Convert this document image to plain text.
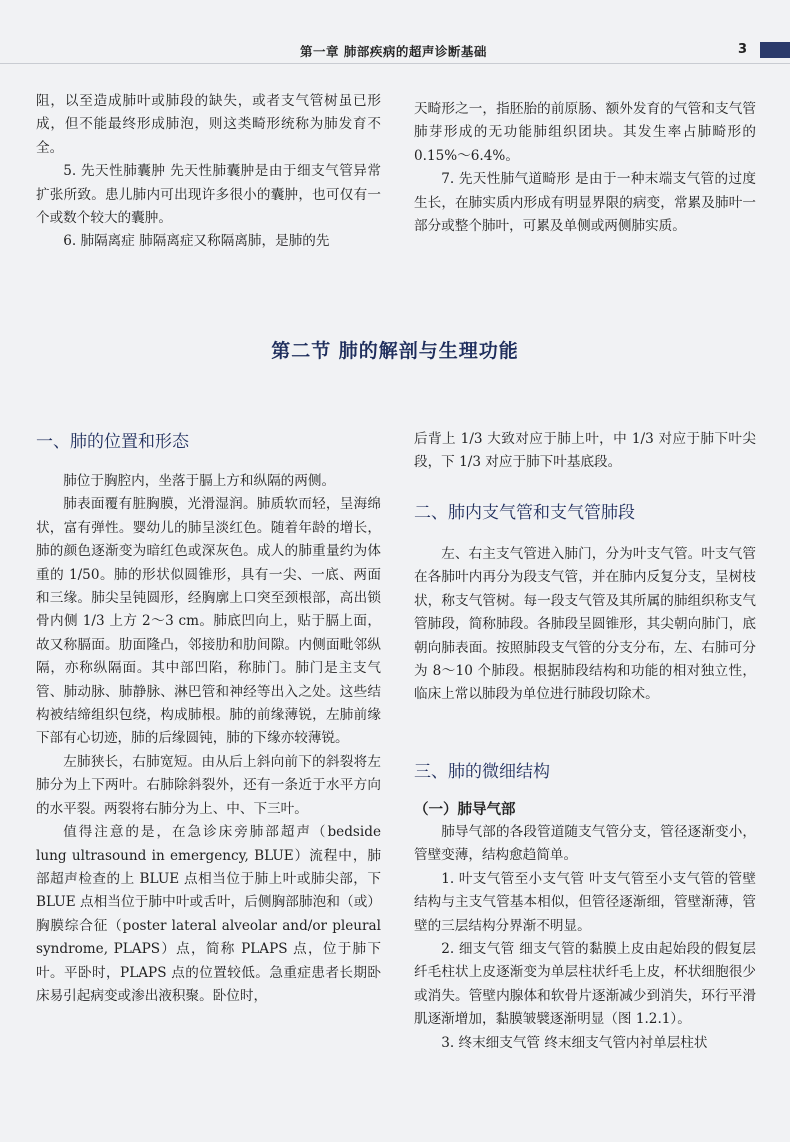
第一章 肺部疾病的超声诊断基础	3

阻，以至造成肺叶或肺段的缺失，或者支气管树虽已形成，但不能最终形成肺泡，则这类畸形统称为肺发育不全。

5. 先天性肺囊肿 先天性肺囊肿是由于细支气管异常扩张所致。患儿肺内可出现许多很小的囊肿，也可仅有一个或数个较大的囊肿。

6. 肺隔离症 肺隔离症又称隔离肺，是肺的先

天畸形之一，指胚胎的前原肠、额外发育的气管和支气管肺芽形成的无功能肺组织团块。其发生率占肺畸形的 0.15%～6.4%。

7. 先天性肺气道畸形 是由于一种末端支气管的过度生长，在肺实质内形成有明显界限的病变，常累及肺叶一部分或整个肺叶，可累及单侧或两侧肺实质。

第二节 肺的解剖与生理功能
一、肺的位置和形态

肺位于胸腔内，坐落于膈上方和纵隔的两侧。

肺表面覆有脏胸膜，光滑湿润。肺质软而轻，呈海绵状，富有弹性。婴幼儿的肺呈淡红色。随着年龄的增长，肺的颜色逐渐变为暗红色或深灰色。成人的肺重量约为体重的 1/50。肺的形状似圆锥形，具有一尖、一底、两面和三缘。肺尖呈钝圆形，经胸廓上口突至颈根部，高出锁骨内侧 1/3 上方 2～3 cm。肺底凹向上，贴于膈上面，故又称膈面。肋面隆凸，邻接肋和肋间隙。内侧面毗邻纵隔，亦称纵隔面。其中部凹陷，称肺门。肺门是主支气管、肺动脉、肺静脉、淋巴管和神经等出入之处。这些结构被结缔组织包绕，构成肺根。肺的前缘薄锐，左肺前缘下部有心切迹，肺的后缘圆钝，肺的下缘亦较薄锐。

左肺狭长，右肺宽短。由从后上斜向前下的斜裂将左肺分为上下两叶。右肺除斜裂外，还有一条近于水平方向的水平裂。两裂将右肺分为上、中、下三叶。

值得注意的是，在急诊床旁肺部超声（bedside lung ultrasound in emergency, BLUE）流程中，肺部超声检查的上 BLUE 点相当位于肺上叶或肺尖部，下 BLUE 点相当位于肺中叶或舌叶，后侧胸部肺泡和（或）胸膜综合征（poster lateral alveolar and/or pleural syndrome, PLAPS）点，简称 PLAPS 点，位于肺下叶。平卧时，PLAPS 点的位置较低。急重症患者长期卧床易引起病变或渗出液积聚。卧位时，

后背上 1/3 大致对应于肺上叶，中 1/3 对应于肺下叶尖段，下 1/3 对应于肺下叶基底段。

二、肺内支气管和支气管肺段

左、右主支气管进入肺门，分为叶支气管。叶支气管在各肺叶内再分为段支气管，并在肺内反复分支，呈树枝状，称支气管树。每一段支气管及其所属的肺组织称支气管肺段，简称肺段。各肺段呈圆锥形，其尖朝向肺门，底朝向肺表面。按照肺段支气管的分支分布，左、右肺可分为 8～10 个肺段。根据肺段结构和功能的相对独立性，临床上常以肺段为单位进行肺段切除术。

三、肺的微细结构
（一）肺导气部

肺导气部的各段管道随支气管分支，管径逐渐变小，管壁变薄，结构愈趋简单。

1. 叶支气管至小支气管 叶支气管至小支气管的管壁结构与主支气管基本相似，但管径逐渐细，管壁渐薄，管壁的三层结构分界渐不明显。

2. 细支气管 细支气管的黏膜上皮由起始段的假复层纤毛柱状上皮逐渐变为单层柱状纤毛上皮，杯状细胞很少或消失。管壁内腺体和软骨片逐渐减少到消失，环行平滑肌逐渐增加，黏膜皱襞逐渐明显（图 1.2.1）。

3. 终末细支气管 终末细支气管内衬单层柱状
